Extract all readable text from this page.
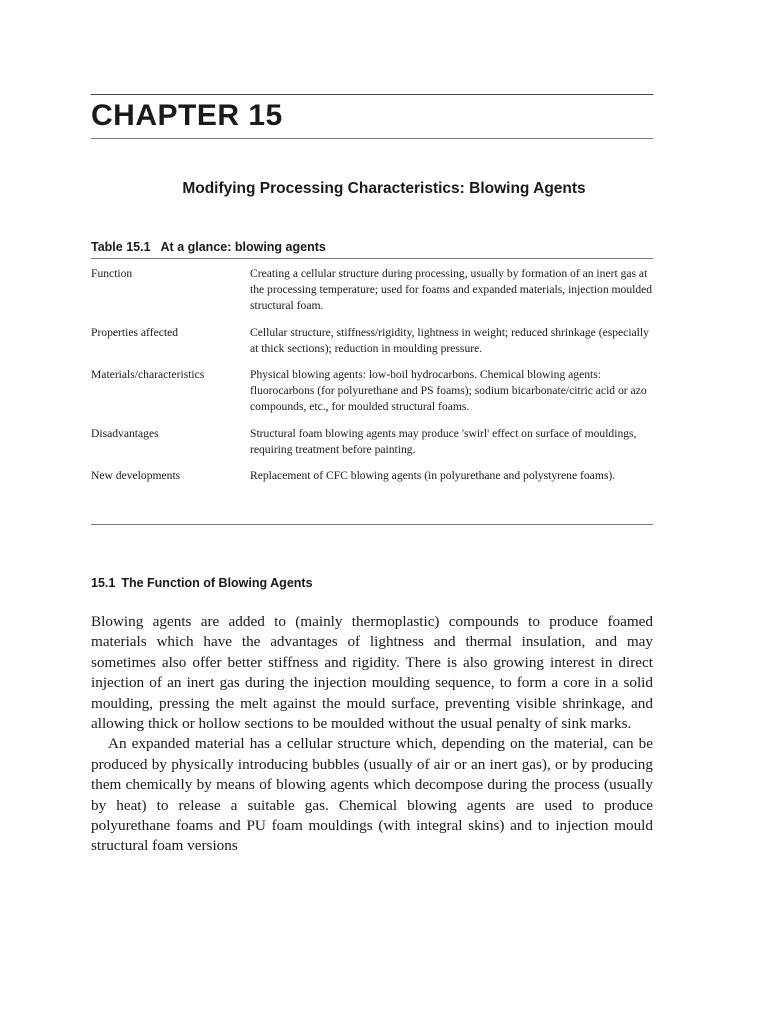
CHAPTER 15
Modifying Processing Characteristics: Blowing Agents
Table 15.1 At a glance: blowing agents
Function	Creating a cellular structure during processing, usually by formation of an inert gas at the processing temperature; used for foams and expanded materials, injection moulded structural foam.
Properties affected	Cellular structure, stiffness/rigidity, lightness in weight; reduced shrinkage (especially at thick sections); reduction in moulding pressure.
Materials/characteristics	Physical blowing agents: low-boil hydrocarbons. Chemical blowing agents: fluorocarbons (for polyurethane and PS foams); sodium bicarbonate/citric acid or azo compounds, etc., for moulded structural foams.
Disadvantages	Structural foam blowing agents may produce 'swirl' effect on surface of mouldings, requiring treatment before painting.
New developments	Replacement of CFC blowing agents (in polyurethane and polystyrene foams).
15.1 The Function of Blowing Agents

Blowing agents are added to (mainly thermoplastic) compounds to produce foamed materials which have the advantages of lightness and thermal insulation, and may sometimes also offer better stiffness and rigidity. There is also growing interest in direct injection of an inert gas during the injection moulding sequence, to form a core in a solid moulding, pressing the melt against the mould surface, preventing visible shrinkage, and allowing thick or hollow sections to be moulded without the usual penalty of sink marks.

An expanded material has a cellular structure which, depending on the material, can be produced by physically introducing bubbles (usually of air or an inert gas), or by producing them chemically by means of blowing agents which decompose during the process (usually by heat) to release a suitable gas. Chemical blowing agents are used to produce polyurethane foams and PU foam mouldings (with integral skins) and to injection mould structural foam versions
